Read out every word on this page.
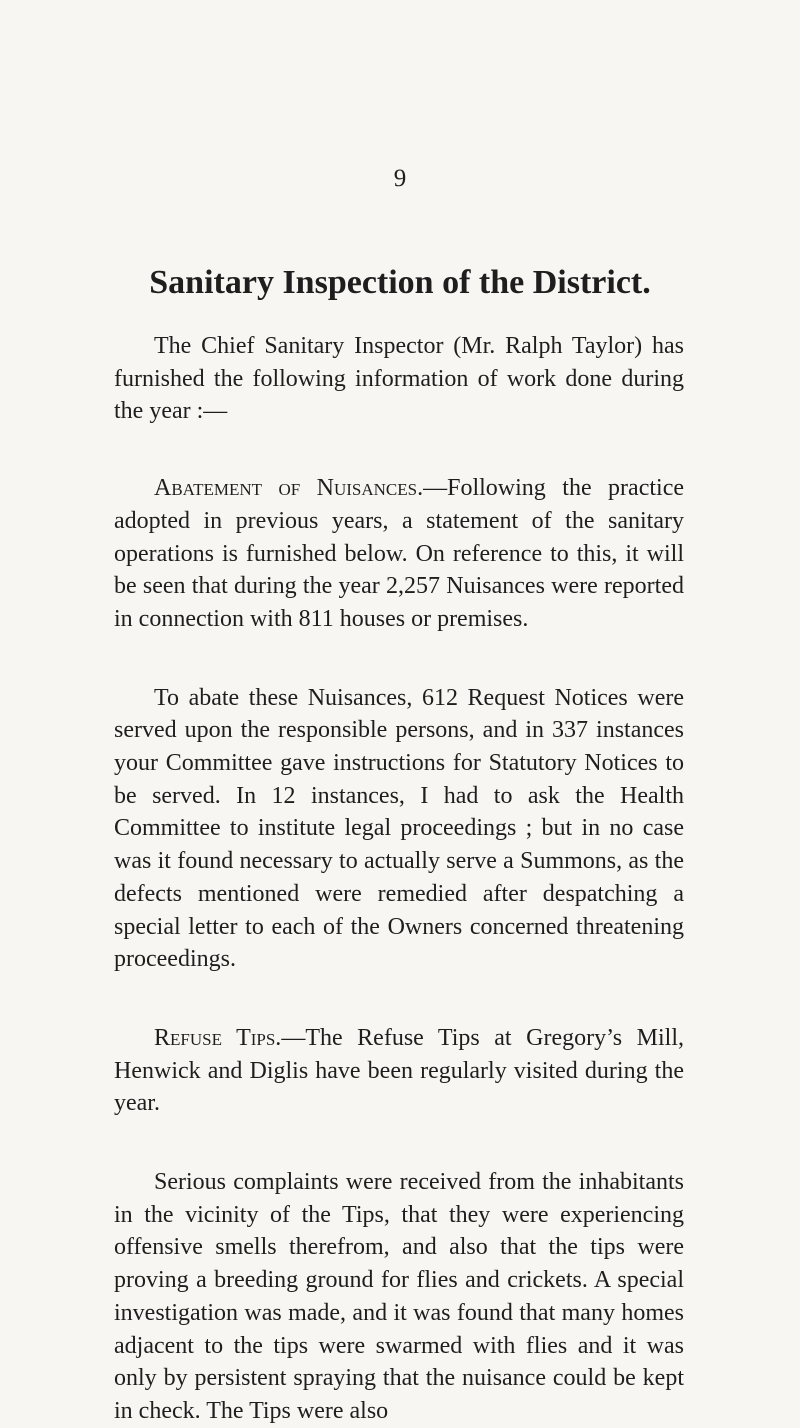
9

Sanitary Inspection of the District.

The Chief Sanitary Inspector (Mr. Ralph Taylor) has furnished the following information of work done during the year :—

Abatement of Nuisances.—Following the practice adopted in previous years, a statement of the sanitary operations is furnished below. On reference to this, it will be seen that during the year 2,257 Nuisances were reported in connection with 811 houses or premises.

To abate these Nuisances, 612 Request Notices were served upon the responsible persons, and in 337 instances your Committee gave instructions for Statutory Notices to be served. In 12 instances, I had to ask the Health Committee to institute legal proceedings ; but in no case was it found necessary to actually serve a Summons, as the defects mentioned were remedied after despatching a special letter to each of the Owners concerned threatening proceedings.

Refuse Tips.—The Refuse Tips at Gregory’s Mill, Henwick and Diglis have been regularly visited during the year.

Serious complaints were received from the inhabitants in the vicinity of the Tips, that they were experiencing offensive smells therefrom, and also that the tips were proving a breeding ground for flies and crickets. A special investigation was made, and it was found that many homes adjacent to the tips were swarmed with flies and it was only by persistent spraying that the nuisance could be kept in check. The Tips were also
